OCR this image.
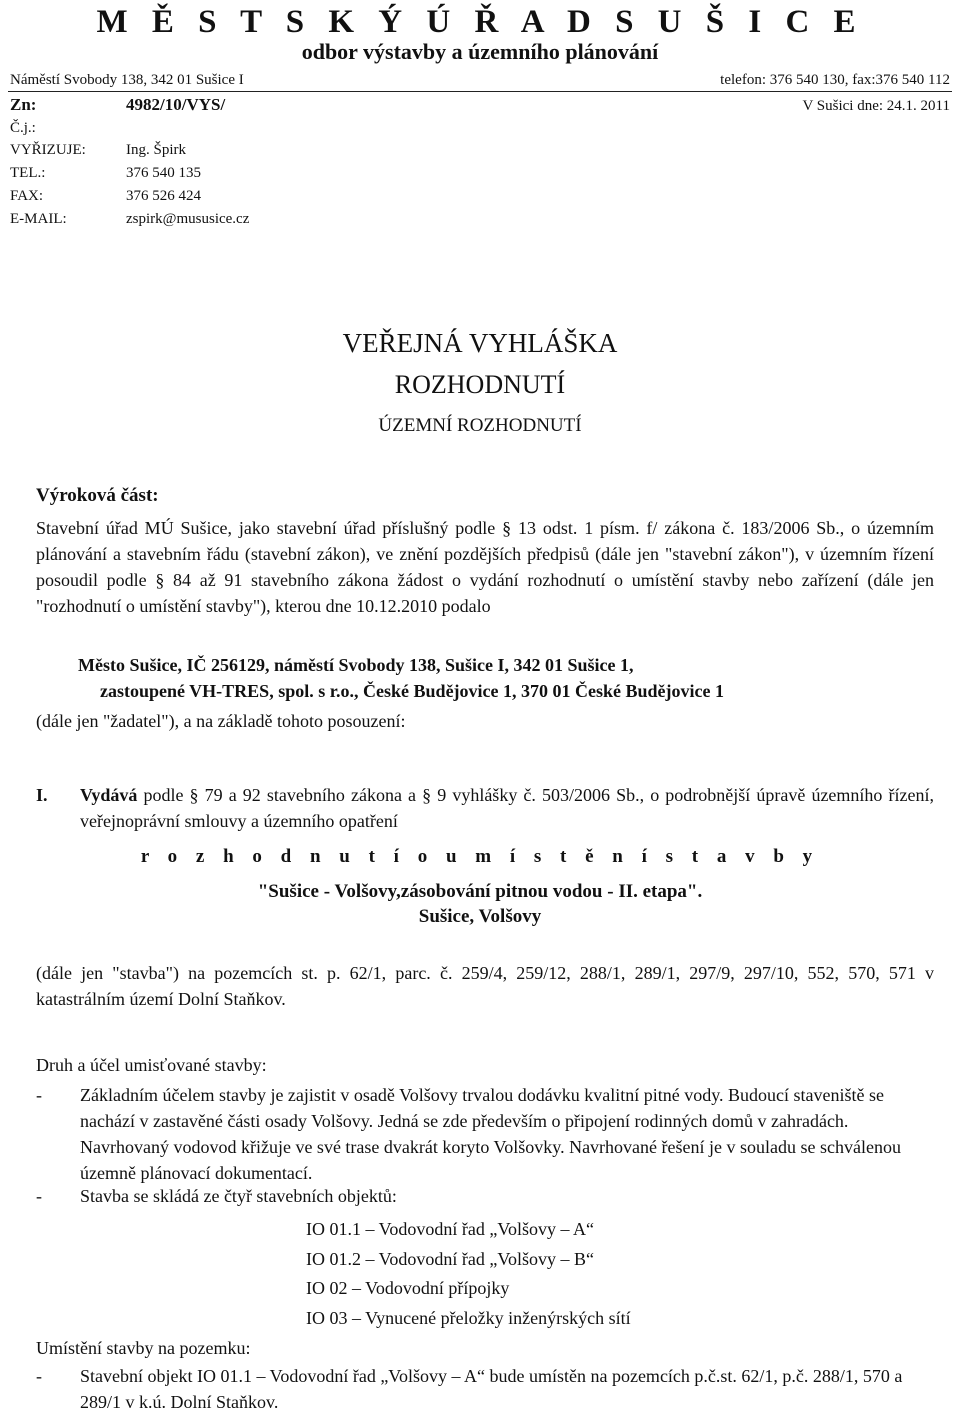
M Ě S T S K Ý Ú Ř A D S U Š I C E
odbor výstavby a územního plánování
Náměstí Svobody 138, 342 01 Sušice I	telefon: 376 540 130, fax:376 540 112
Zn:	4982/10/VYS/	V Sušici dne: 24.1. 2011
Č.j.:
VYŘIZUJE:	Ing. Špirk
TEL.:	376 540 135
FAX:	376 526 424
E-MAIL:	zspirk@mususice.cz
VEŘEJNÁ VYHLÁŠKA
ROZHODNUTÍ
ÚZEMNÍ ROZHODNUTÍ
Výroková část:

Stavební úřad MÚ Sušice, jako stavební úřad příslušný podle § 13 odst. 1 písm. f/ zákona č. 183/2006 Sb., o územním plánování a stavebním řádu (stavební zákon), ve znění pozdějších předpisů (dále jen "stavební zákon"), v územním řízení posoudil podle § 84 až 91 stavebního zákona žádost o vydání rozhodnutí o umístění stavby nebo zařízení (dále jen "rozhodnutí o umístění stavby"), kterou dne 10.12.2010 podalo

Město Sušice, IČ 256129, náměstí Svobody 138, Sušice I, 342 01 Sušice 1,
zastoupené VH-TRES, spol. s r.o., České Budějovice 1, 370 01 České Budějovice 1
(dále jen "žadatel"), a na základě tohoto posouzení:
I. Vydává podle § 79 a 92 stavebního zákona a § 9 vyhlášky č. 503/2006 Sb., o podrobnější úpravě územního řízení, veřejnoprávní smlouvy a územního opatření

r o z h o d n u t í o u m í s t ě n í s t a v b y
"Sušice - Volšovy,zásobování pitnou vodou - II. etapa".
Sušice, Volšovy

(dále jen "stavba") na pozemcích st. p. 62/1, parc. č. 259/4, 259/12, 288/1, 289/1, 297/9, 297/10, 552, 570, 571 v katastrálním území Dolní Staňkov.

Druh a účel umisťované stavby:
- Základním účelem stavby je zajistit v osadě Volšovy trvalou dodávku kvalitní pitné vody. Budoucí staveniště se nachází v zastavěné části osady Volšovy. Jedná se zde především o připojení rodinných domů v zahradách. Navrhovaný vodovod křižuje ve své trase dvakrát koryto Volšovky. Navrhované řešení je v souladu se schválenou územně plánovací dokumentací.

- Stavba se skládá ze čtyř stavebních objektů:

IO 01.1 – Vodovodní řad „Volšovy – A“
IO 01.2 – Vodovodní řad „Volšovy – B“
IO 02 – Vodovodní přípojky
IO 03 – Vynucené přeložky inženýrských sítí
Umístění stavby na pozemku:
- Stavební objekt IO 01.1 – Vodovodní řad „Volšovy – A“ bude umístěn na pozemcích p.č.st. 62/1, p.č. 288/1, 570 a 289/1 v k.ú. Dolní Staňkov.
